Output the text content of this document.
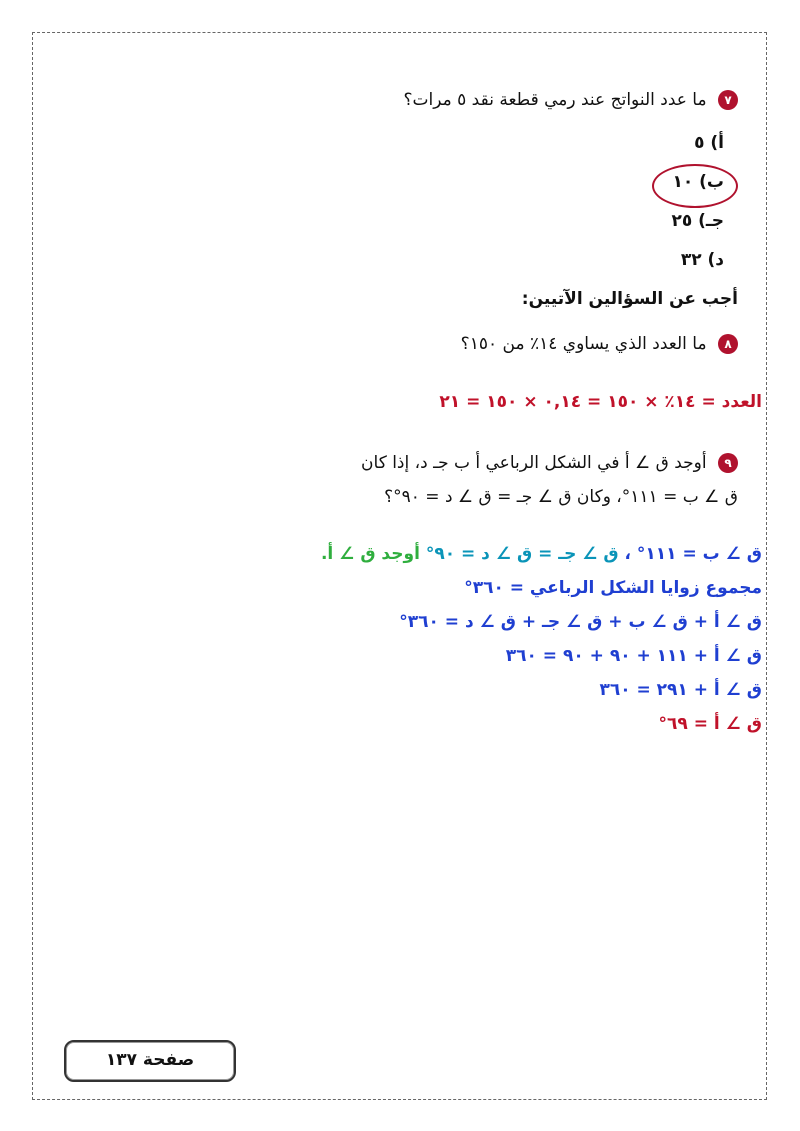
٧ ما عدد النواتج عند رمي قطعة نقد ٥ مرات؟
أ) ٥
ب) ١٠
جـ) ٢٥
د) ٣٢
أجب عن السؤالين الآتيين:
٨ ما العدد الذي يساوي ١٤٪ من ١٥٠؟
العدد = ١٤٪ × ١٥٠ = ٠,١٤ × ١٥٠ = ٢١
٩ أوجد ق ∠ أ في الشكل الرباعي أ ب جـ د، إذا كان
ق ∠ ب = ١١١°، وكان ق ∠ جـ = ق ∠ د = ٩٠°؟
ق ∠ ب = ١١١° ، ق ∠ جـ = ق ∠ د = ٩٠° أوجد ق ∠ أ.
مجموع زوايا الشكل الرباعي = ٣٦٠°
ق ∠ أ + ق ∠ ب + ق ∠ جـ + ق ∠ د = ٣٦٠°
ق ∠ أ + ١١١ + ٩٠ + ٩٠ = ٣٦٠
ق ∠ أ + ٢٩١ = ٣٦٠
ق ∠ أ = ٦٩°
صفحة ١٣٧
